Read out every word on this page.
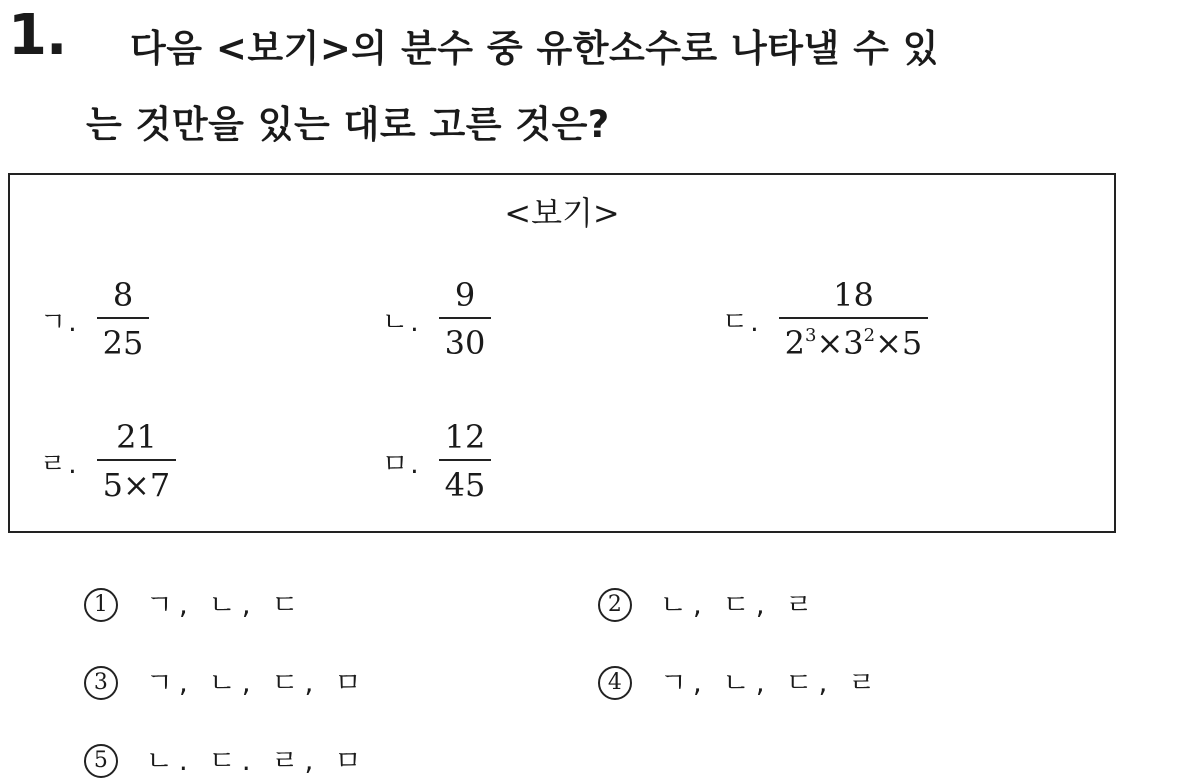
1. 다음 <보기>의 분수 중 유한소수로 나타낼 수 있
는 것만을 있는 대로 고른 것은?
<보기>
ㄱ. $\frac{8}{25}$	ㄴ. $\frac{9}{30}$	ㄷ. $\frac{18}{2^3\times 3^2\times 5}$
ㄹ. $\frac{21}{5\times 7}$	ㅁ. $\frac{12}{45}$

1 ㄱ, ㄴ, ㄷ	2 ㄴ, ㄷ, ㄹ

3 ㄱ, ㄴ, ㄷ, ㅁ	4 ㄱ, ㄴ, ㄷ, ㄹ

5 ㄴ. ㄷ. ㄹ, ㅁ
